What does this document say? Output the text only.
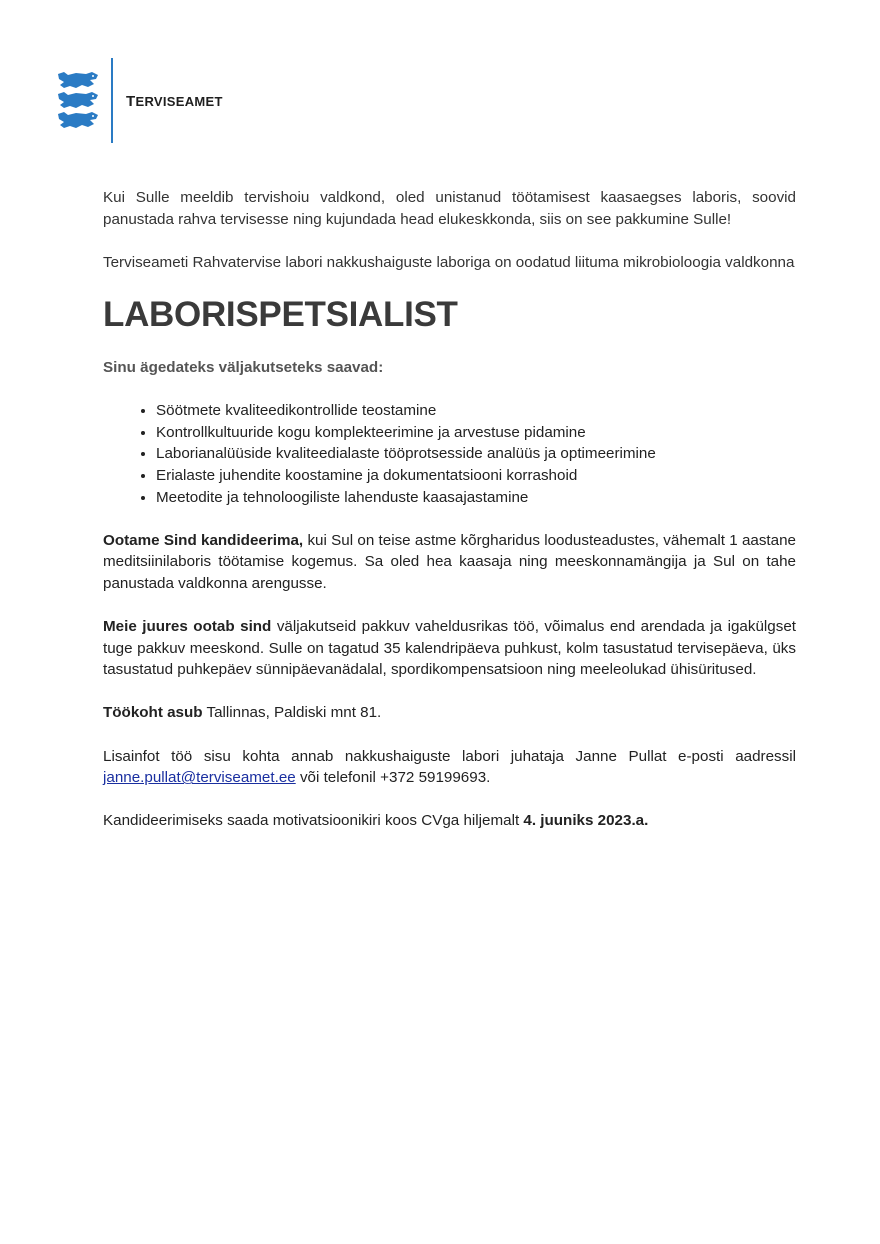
TERVISEAMET

Kui Sulle meeldib tervishoiu valdkond, oled unistanud töötamisest kaasaegses laboris, soovid panustada rahva tervisesse ning kujundada head elukeskkonda, siis on see pakkumine Sulle!

Terviseameti Rahvatervise labori nakkushaiguste laboriga on oodatud liituma mikrobioloogia valdkonna

LABORISPETSIALIST

Sinu ägedateks väljakutseteks saavad:

• Söötmete kvaliteedikontrollide teostamine
• Kontrollkultuuride kogu komplekteerimine ja arvestuse pidamine
• Laborianalüüside kvaliteedialaste tööprotsesside analüüs ja optimeerimine
• Erialaste juhendite koostamine ja dokumentatsiooni korrashoid
• Meetodite ja tehnoloogiliste lahenduste kaasajastamine

Ootame Sind kandideerima, kui Sul on teise astme kõrgharidus loodusteadustes, vähemalt 1 aastane meditsiinilaboris töötamise kogemus. Sa oled hea kaasaja ning meeskonnamängija ja Sul on tahe panustada valdkonna arengusse.

Meie juures ootab sind väljakutseid pakkuv vaheldusrikas töö, võimalus end arendada ja igakülgset tuge pakkuv meeskond. Sulle on tagatud 35 kalendripäeva puhkust, kolm tasustatud tervisepäeva, üks tasustatud puhkepäev sünnipäevanädalal, spordikompensatsioon ning meeleolukad ühisüritused.

Töökoht asub Tallinnas, Paldiski mnt 81.

Lisainfot töö sisu kohta annab nakkushaiguste labori juhataja Janne Pullat e-posti aadressil janne.pullat@terviseamet.ee või telefonil +372 59199693.

Kandideerimiseks saada motivatsioonikiri koos CVga hiljemalt 4. juuniks 2023.a.
